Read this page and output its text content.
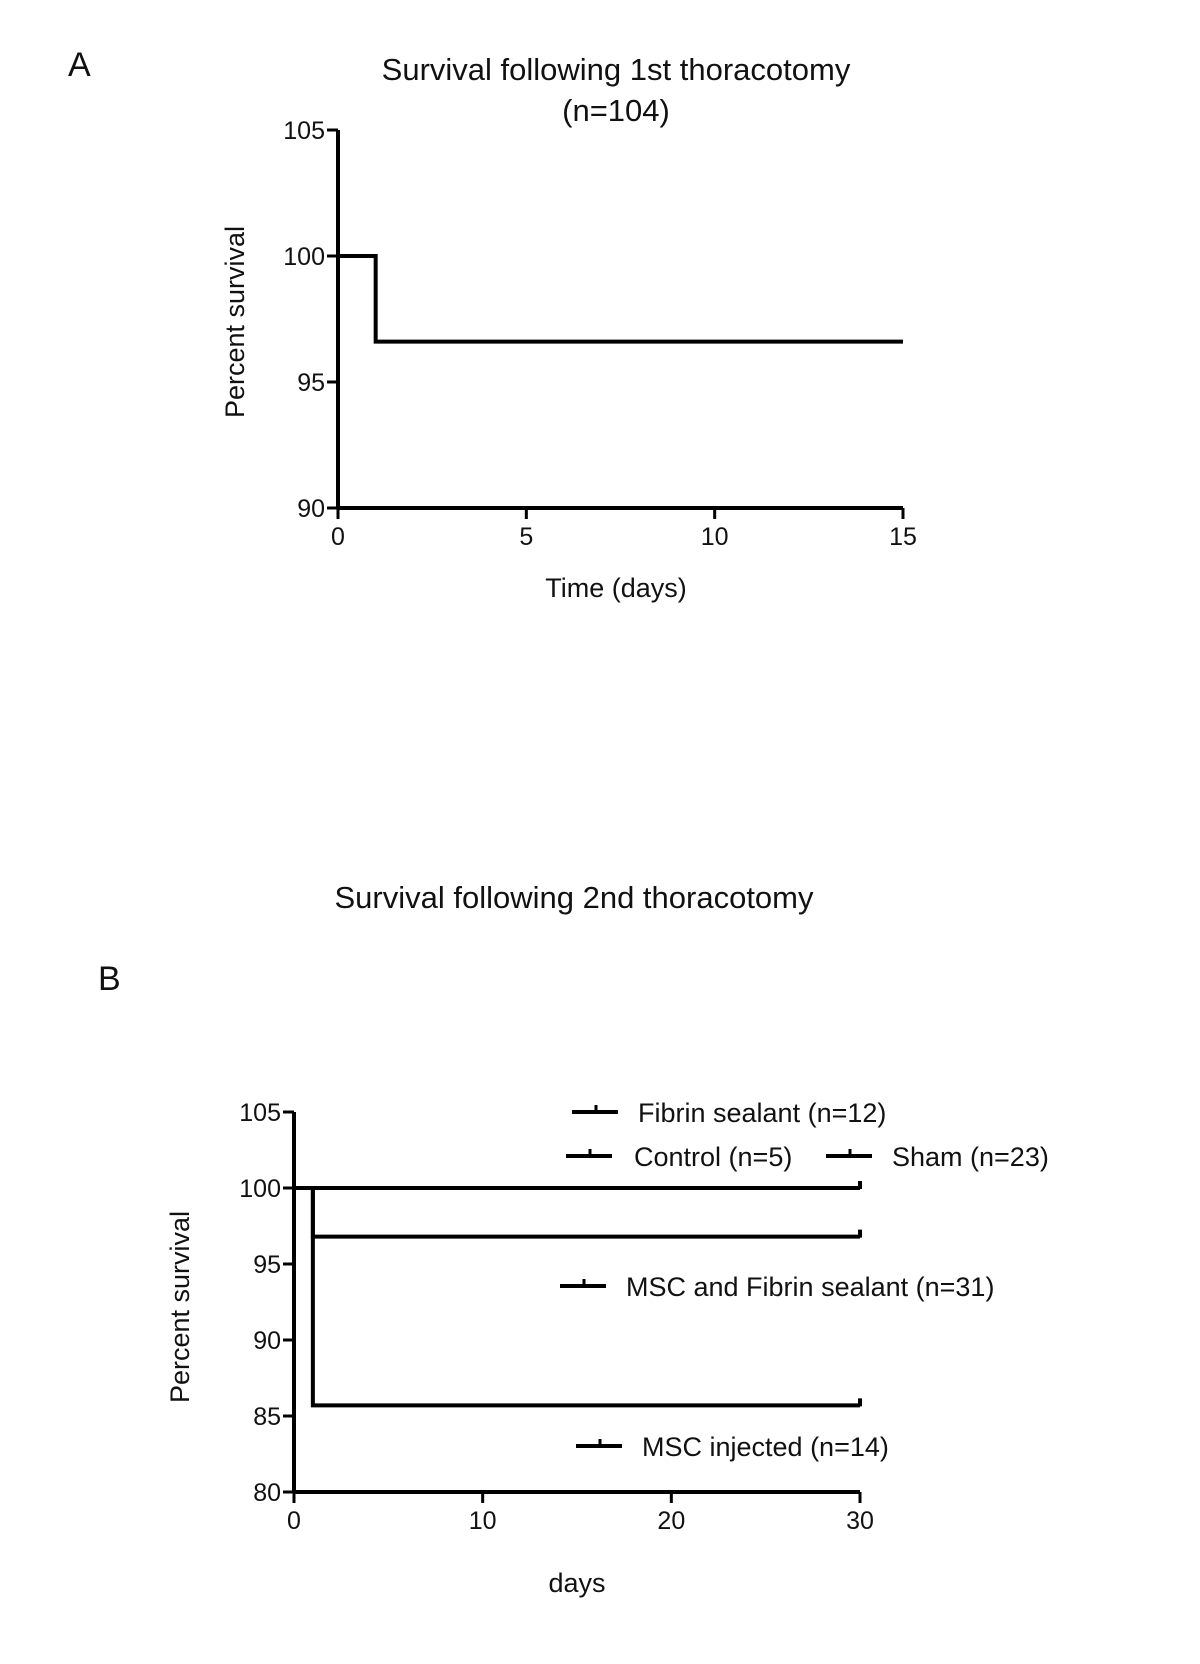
A	Survival following 1st thoracotomy
(n=104)
Time (days)
Percent survival
90
95
100
105
0	5	10	15
Survival following 2nd thoracotomy
B
days
Percent survival
80
85
90
95
100
105
0	10	20	30
Fibrin sealant (n=12)
Control (n=5)	Sham (n=23)
MSC and Fibrin sealant (n=31)
MSC injected (n=14)
